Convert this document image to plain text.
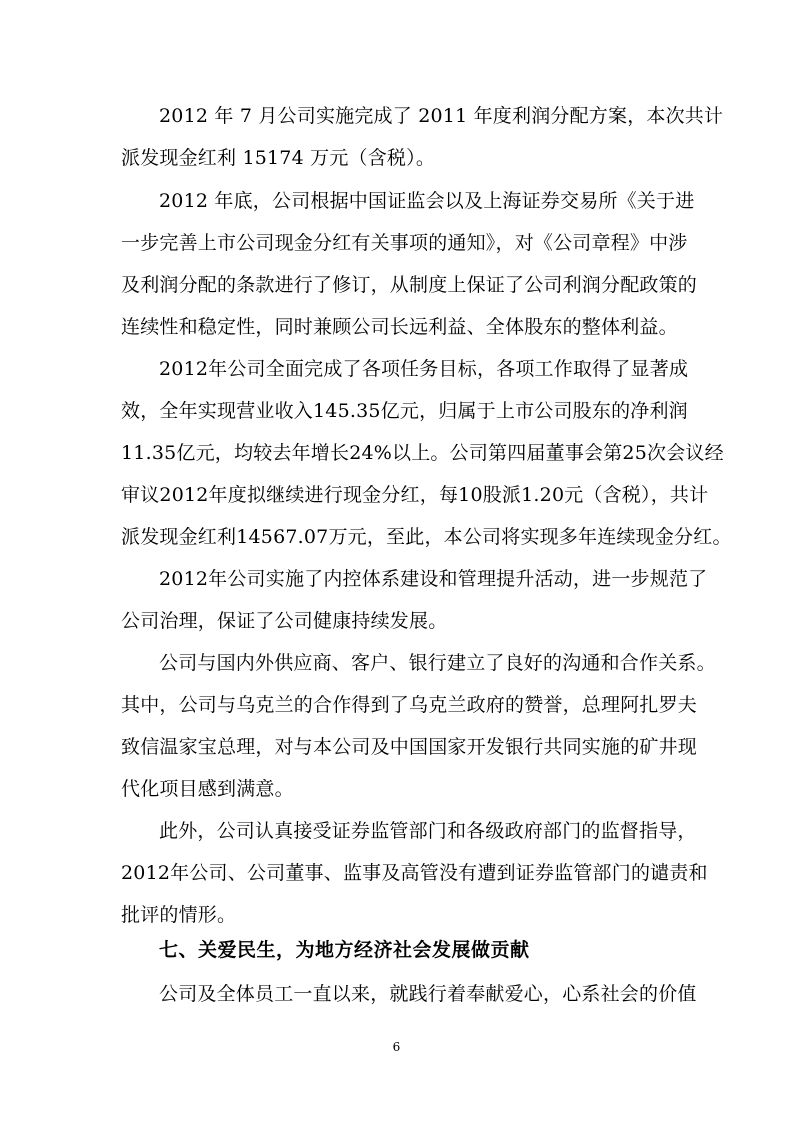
2012 年 7 月公司实施完成了 2011 年度利润分配方案，本次共计
派发现金红利 15174 万元（含税）。
2012 年底，公司根据中国证监会以及上海证券交易所《关于进
一步完善上市公司现金分红有关事项的通知》，对《公司章程》中涉
及利润分配的条款进行了修订，从制度上保证了公司利润分配政策的
连续性和稳定性，同时兼顾公司长远利益、全体股东的整体利益。
2012年公司全面完成了各项任务目标，各项工作取得了显著成
效，全年实现营业收入145.35亿元，归属于上市公司股东的净利润
11.35亿元，均较去年增长24%以上。公司第四届董事会第25次会议经
审议2012年度拟继续进行现金分红，每10股派1.20元（含税），共计
派发现金红利14567.07万元，至此，本公司将实现多年连续现金分红。
2012年公司实施了内控体系建设和管理提升活动，进一步规范了
公司治理，保证了公司健康持续发展。
公司与国内外供应商、客户、银行建立了良好的沟通和合作关系。
其中，公司与乌克兰的合作得到了乌克兰政府的赞誉，总理阿扎罗夫
致信温家宝总理，对与本公司及中国国家开发银行共同实施的矿井现
代化项目感到满意。
此外，公司认真接受证券监管部门和各级政府部门的监督指导，
2012年公司、公司董事、监事及高管没有遭到证券监管部门的谴责和
批评的情形。
七、关爱民生，为地方经济社会发展做贡献
公司及全体员工一直以来，就践行着奉献爱心，心系社会的价值
6
